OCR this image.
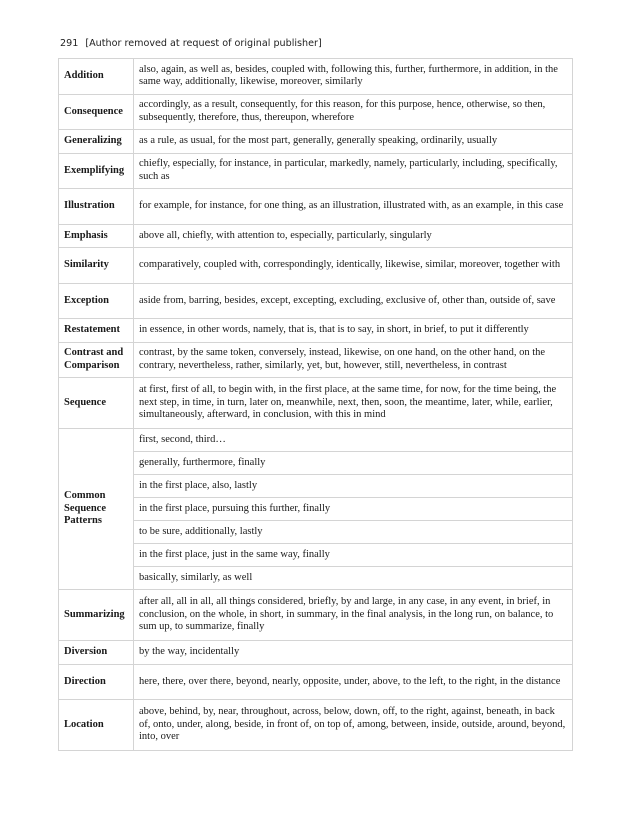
291 [Author removed at request of original publisher]
Addition	also, again, as well as, besides, coupled with, following this, further, furthermore, in addition, in the same way, additionally, likewise, moreover, similarly
Consequence	accordingly, as a result, consequently, for this reason, for this purpose, hence, otherwise, so then, subsequently, therefore, thus, thereupon, wherefore
Generalizing	as a rule, as usual, for the most part, generally, generally speaking, ordinarily, usually
Exemplifying	chiefly, especially, for instance, in particular, markedly, namely, particularly, including, specifically, such as
Illustration	for example, for instance, for one thing, as an illustration, illustrated with, as an example, in this case
Emphasis	above all, chiefly, with attention to, especially, particularly, singularly
Similarity	comparatively, coupled with, correspondingly, identically, likewise, similar, moreover, together with
Exception	aside from, barring, besides, except, excepting, excluding, exclusive of, other than, outside of, save
Restatement	in essence, in other words, namely, that is, that is to say, in short, in brief, to put it differently
Contrast and Comparison	contrast, by the same token, conversely, instead, likewise, on one hand, on the other hand, on the contrary, nevertheless, rather, similarly, yet, but, however, still, nevertheless, in contrast
Sequence	at first, first of all, to begin with, in the first place, at the same time, for now, for the time being, the next step, in time, in turn, later on, meanwhile, next, then, soon, the meantime, later, while, earlier, simultaneously, afterward, in conclusion, with this in mind
Common Sequence Patterns	first, second, third…
	generally, furthermore, finally
	in the first place, also, lastly
	in the first place, pursuing this further, finally
	to be sure, additionally, lastly
	in the first place, just in the same way, finally
	basically, similarly, as well
Summarizing	after all, all in all, all things considered, briefly, by and large, in any case, in any event, in brief, in conclusion, on the whole, in short, in summary, in the final analysis, in the long run, on balance, to sum up, to summarize, finally
Diversion	by the way, incidentally
Direction	here, there, over there, beyond, nearly, opposite, under, above, to the left, to the right, in the distance
Location	above, behind, by, near, throughout, across, below, down, off, to the right, against, beneath, in back of, onto, under, along, beside, in front of, on top of, among, between, inside, outside, around, beyond, into, over
